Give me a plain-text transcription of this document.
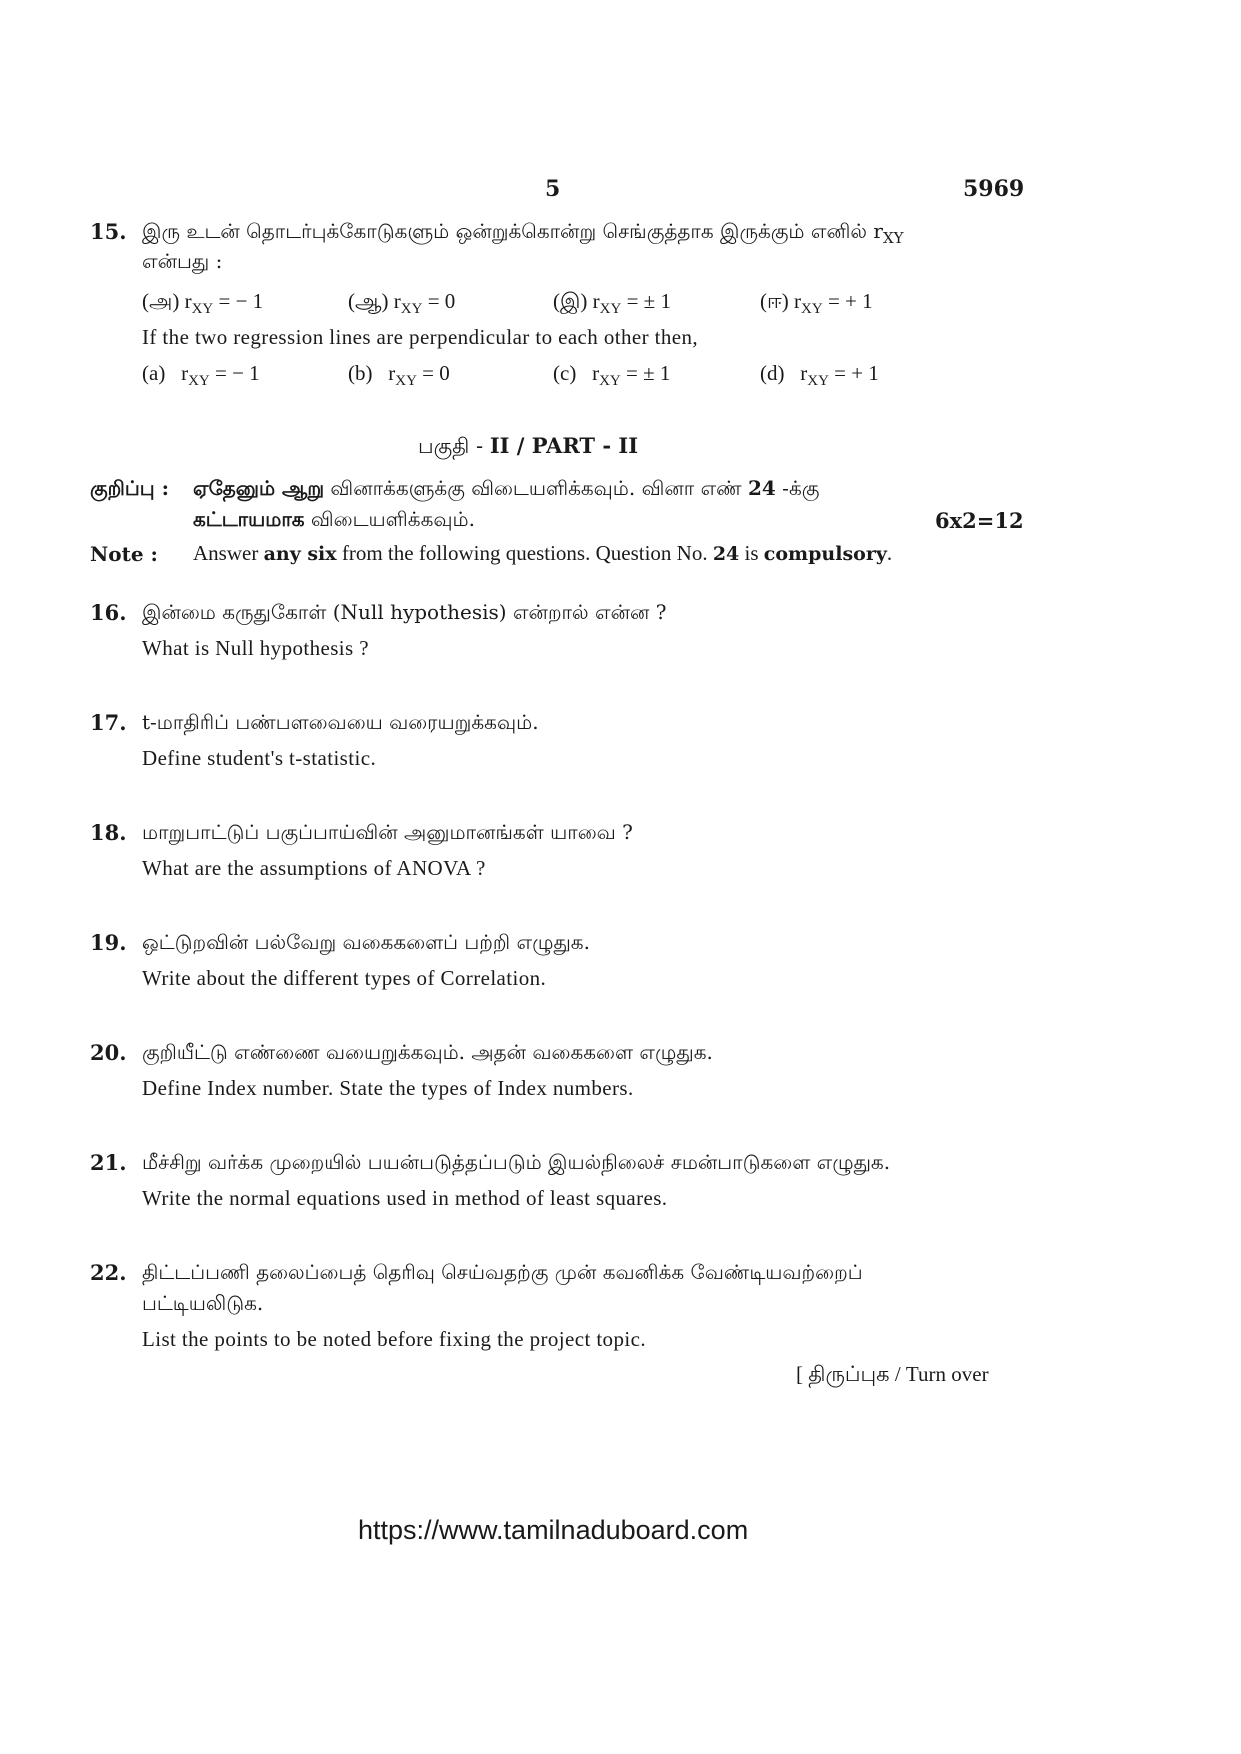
5	5969
15. இரு உடன் தொடர்புக்கோடுகளும் ஒன்றுக்கொன்று செங்குத்தாக இருக்கும் எனில் $r_{XY}$
என்பது :
(அ) $r_{XY}$ = − 1	(ஆ) $r_{XY} = 0$	(இ) $r_{XY}$ = ± 1	(ஈ) $r_{XY}$ = + 1
If the two regression lines are perpendicular to each other then,
(a) $r_{XY}$ = − 1	(b) $r_{XY} = 0$	(c) $r_{XY}$ = ± 1	(d) $r_{XY}$ = + 1
பகுதி - II / PART - II
குறிப்பு : ஏதேனும் ஆறு வினாக்களுக்கு விடையளிக்கவும். வினா எண் 24 -க்கு
கட்டாயமாக விடையளிக்கவும்.	6x2=12
Note : Answer any six from the following questions. Question No. 24 is compulsory.
16. இன்மை கருதுகோள் (Null hypothesis) என்றால் என்ன ?
What is Null hypothesis ?
17. t-மாதிரிப் பண்பளவையை வரையறுக்கவும்.
Define student's t-statistic.
18. மாறுபாட்டுப் பகுப்பாய்வின் அனுமானங்கள் யாவை ?
What are the assumptions of ANOVA ?
19. ஒட்டுறவின் பல்வேறு வகைகளைப் பற்றி எழுதுக.
Write about the different types of Correlation.
20. குறியீட்டு எண்ணை வயைறுக்கவும். அதன் வகைகளை எழுதுக.
Define Index number. State the types of Index numbers.
21. மீச்சிறு வர்க்க முறையில் பயன்படுத்தப்படும் இயல்நிலைச் சமன்பாடுகளை எழுதுக.
Write the normal equations used in method of least squares.
22. திட்டப்பணி தலைப்பைத் தெரிவு செய்வதற்கு முன் கவனிக்க வேண்டியவற்றைப்
பட்டியலிடுக.
List the points to be noted before fixing the project topic.
[ திருப்புக / Turn over
https://www.tamilnaduboard.com
